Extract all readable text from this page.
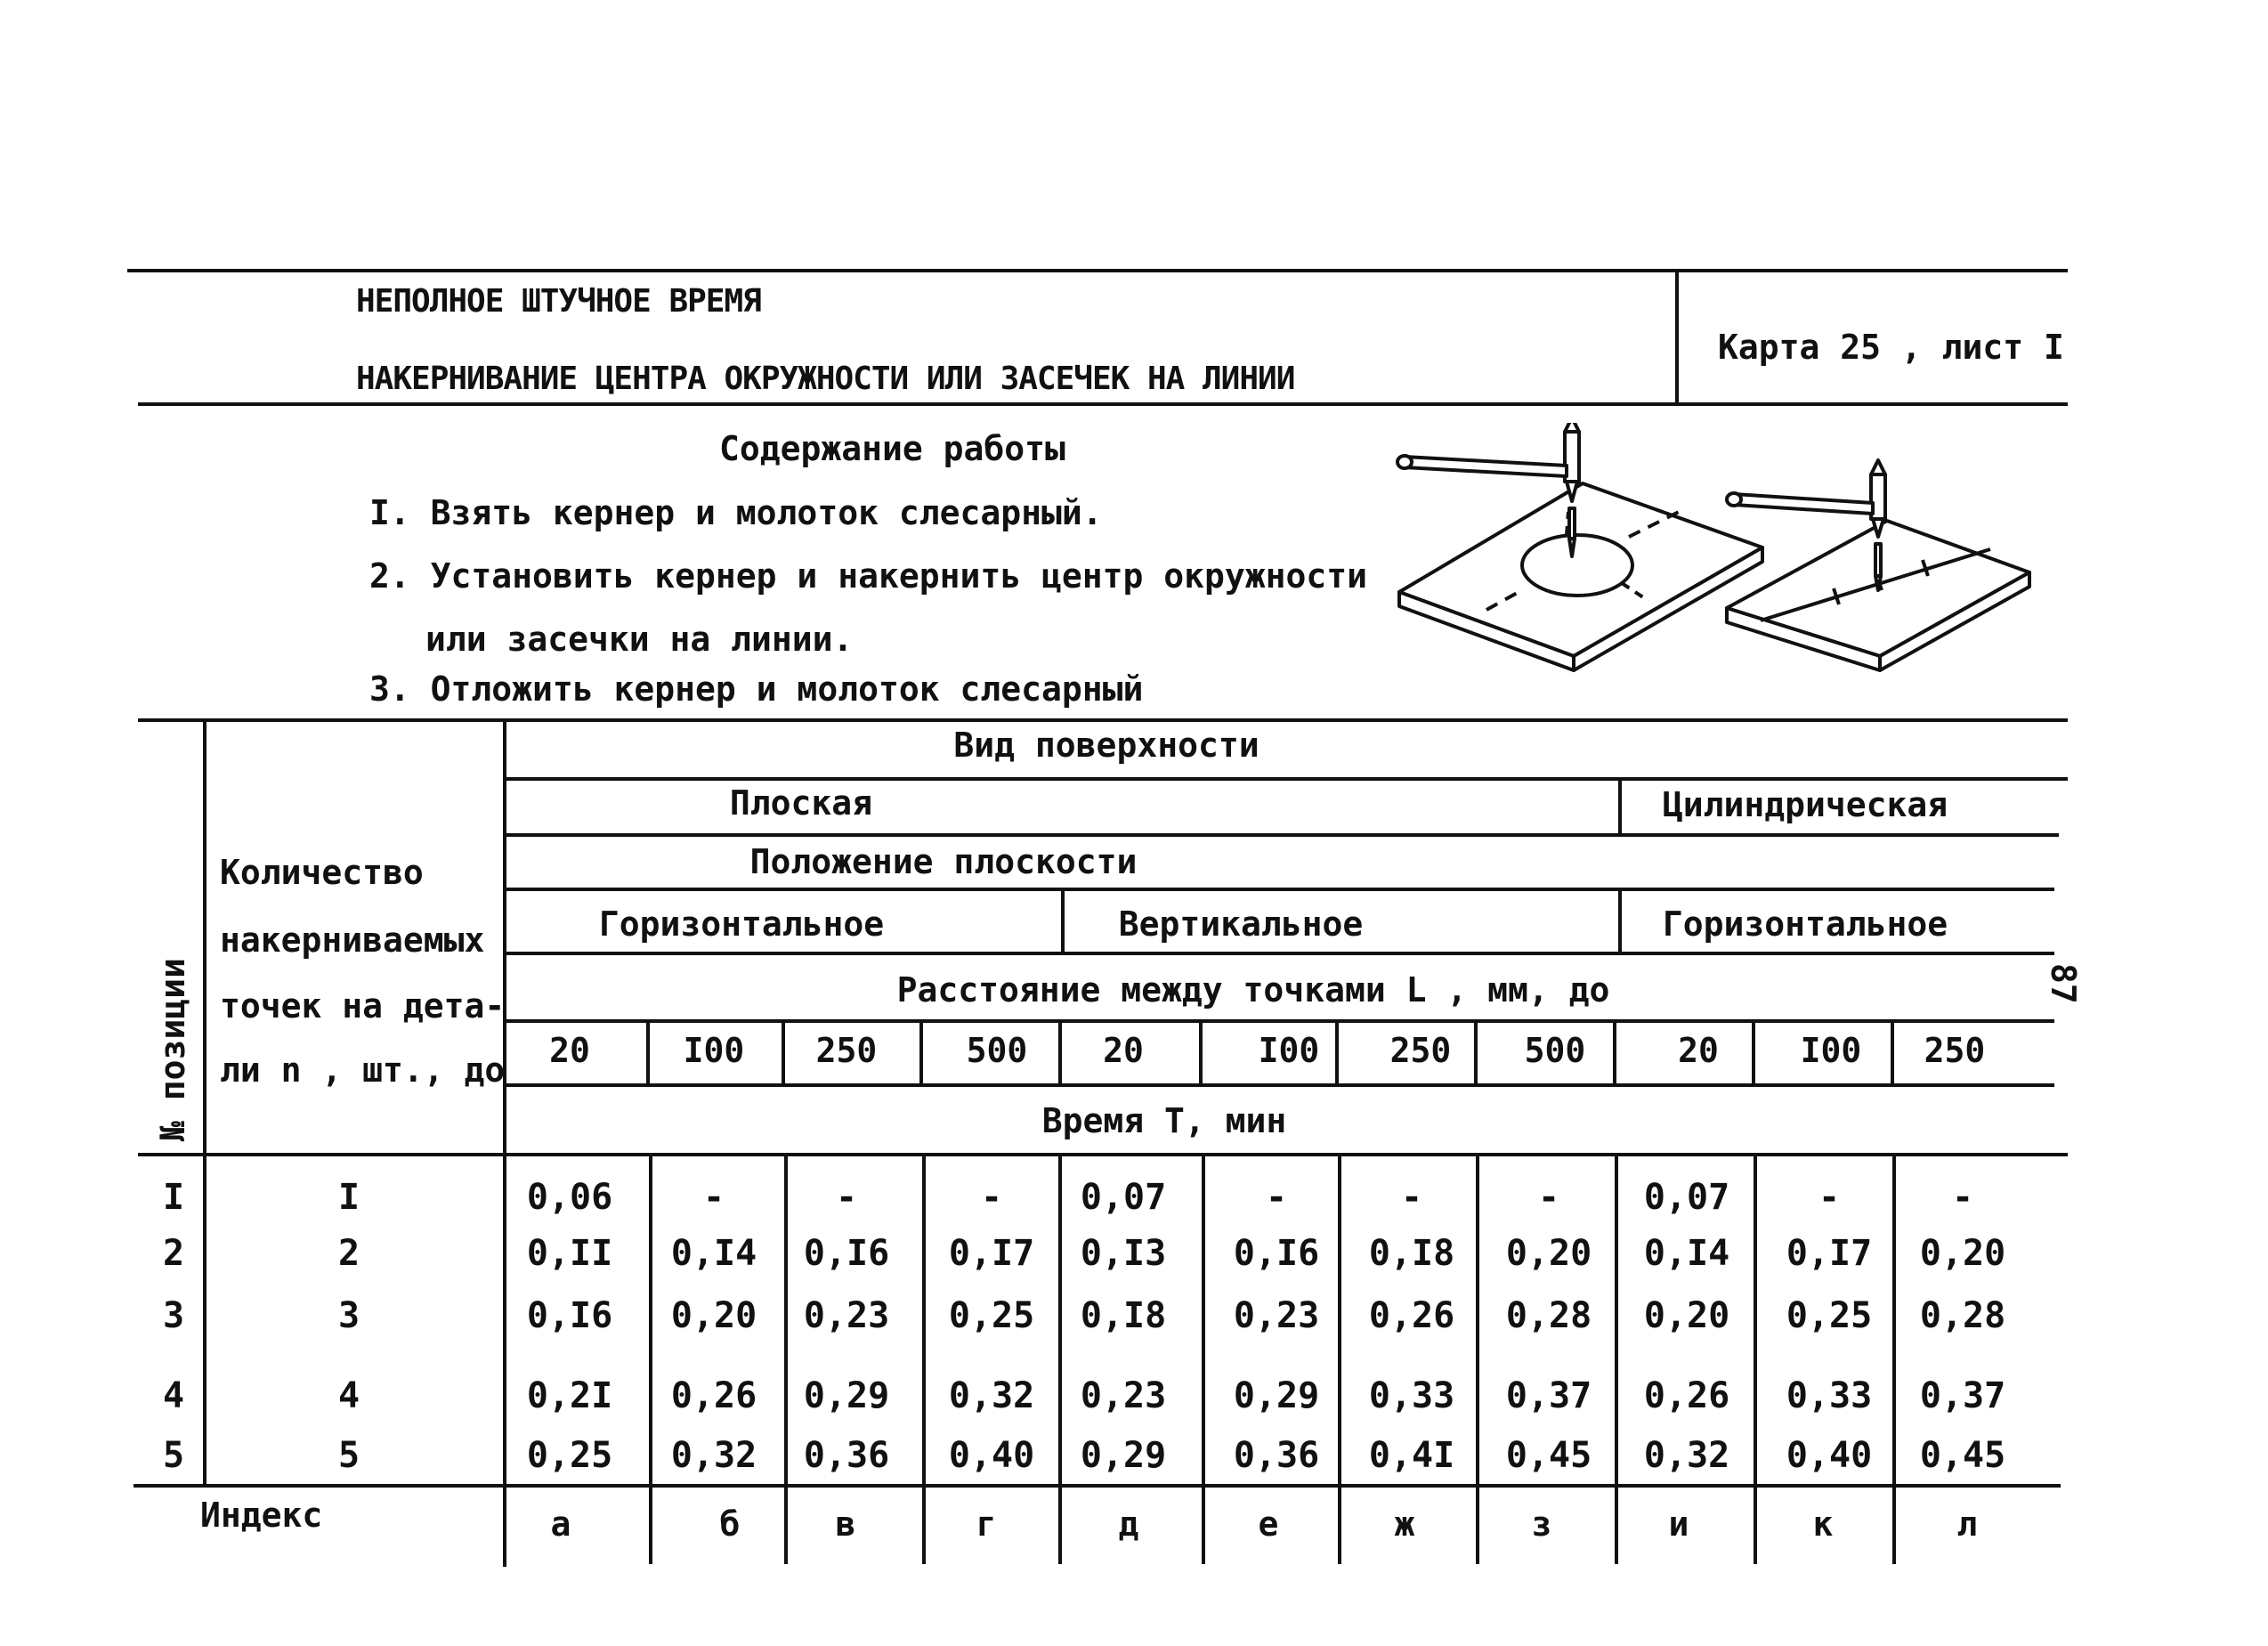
НЕПОЛНОЕ ШТУЧНОЕ ВРЕМЯ
НАКЕРНИВАНИЕ ЦЕНТРА ОКРУЖНОСТИ ИЛИ ЗАСЕЧЕК НА ЛИНИИ
Карта 25 , лист I
Содержание работы
I. Взять кернер и молоток слесарный.
2. Установить кернер и накернить центр окружности
или засечки на линии.
3. Отложить кернер и молоток слесарный
87
№ позиции
Количество
накерниваемых
точек на дета-
ли n , шт., до
Вид поверхности
Плоская	Цилиндрическая
Положение плоскости
Горизонтальное	Вертикальное	Горизонтальное
Расстояние между точками L , мм, до
Время Т, мин
20	I00 250	500 20	I00 250 500	20 I00 250
I	I	0,06	-	-	- 0,07	-	-	- 0,07 -	-
2	2	0,II 0,I4 0,I6 0,I7 0,I3 0,I6 0,I8 0,20 0,I4 0,I7 0,20
3	3	0,I6 0,20 0,23 0,25 0,I8 0,23 0,26 0,28 0,20 0,25 0,28
4	4	0,2I 0,26 0,29 0,32 0,23 0,29 0,33 0,37 0,26 0,33 0,37
5	5	0,25 0,32 0,36 0,40 0,29 0,36 0,4I 0,45 0,32 0,40 0,45
Индекс	а	б	в	г	д	е	ж	з	и	к	л
